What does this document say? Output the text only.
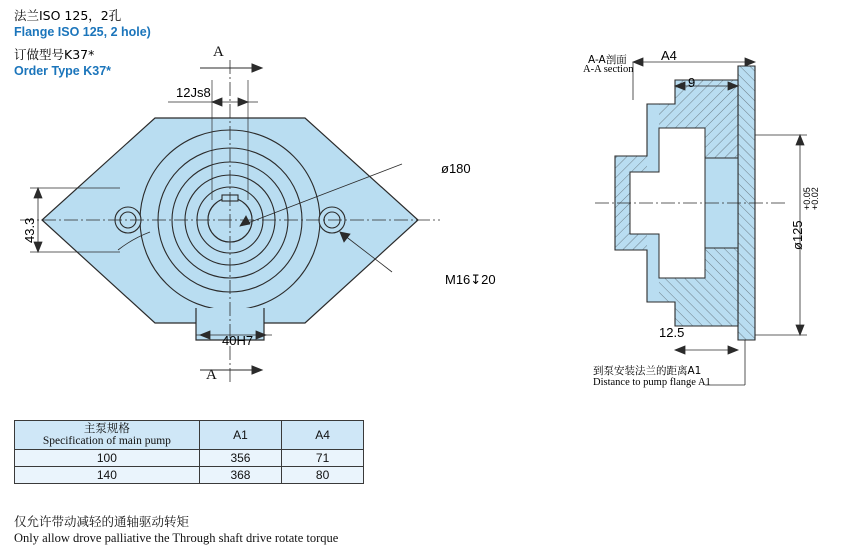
法兰ISO 125，2孔
Flange ISO 125, 2 hole)
订做型号K37*
Order Type K37*
A
A
12Js8
43.3
ø180
M16↧20
40H7
A-A剖面
A-A section
A4
9
ø125
+0.05
+0.02
12.5
到泵安装法兰的距离A1
Distance to pump flange A1
主泵规格
Specification of main pump	A1	A4
100	356	71
140	368	80
仅允许带动减轻的通轴驱动转矩
Only allow drove palliative the Through shaft drive rotate torque
